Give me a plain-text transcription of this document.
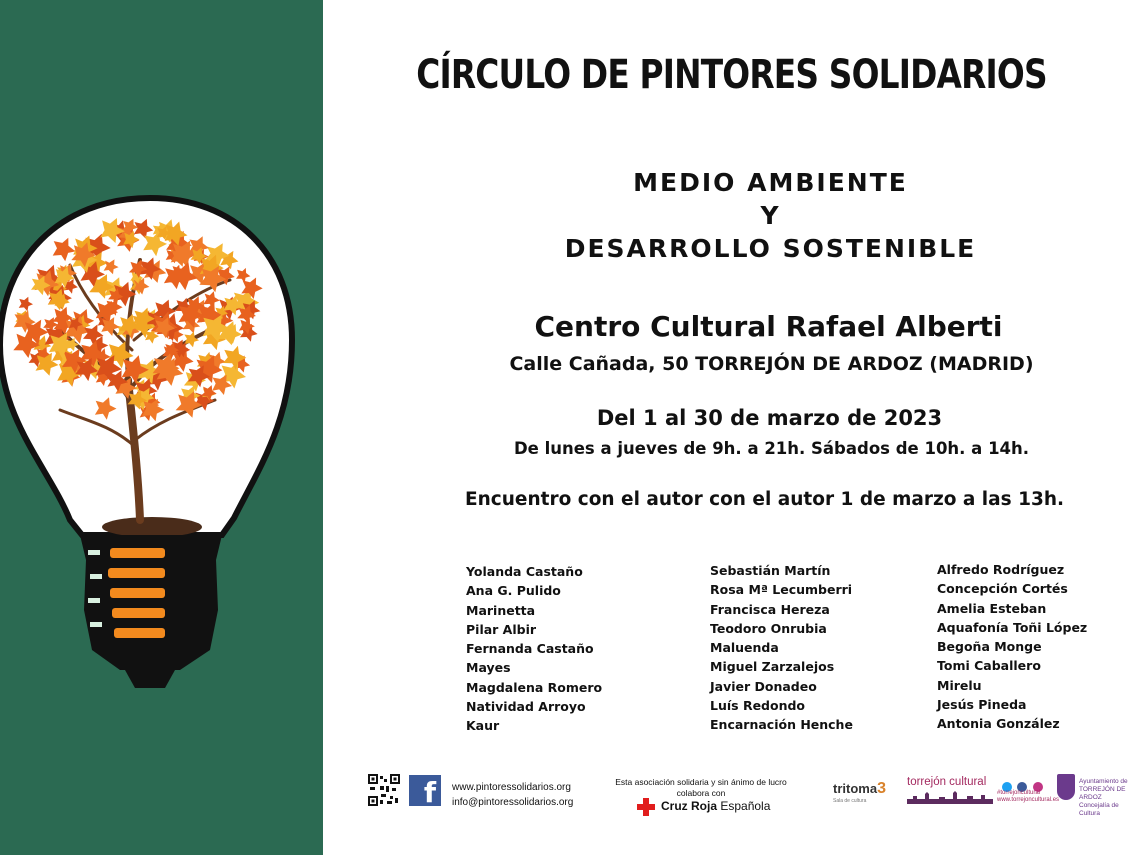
CÍRCULO DE PINTORES SOLIDARIOS
MEDIO AMBIENTE
Y
DESARROLLO SOSTENIBLE
Centro Cultural Rafael Alberti
Calle Cañada, 50 TORREJÓN DE ARDOZ (MADRID)
Del 1 al 30 de marzo de 2023
De lunes a jueves de 9h. a 21h. Sábados de 10h. a 14h.
Encuentro con el autor con el autor 1 de marzo a las 13h.
Yolanda Castaño
Ana G. Pulido
Marinetta
Pilar Albir
Fernanda Castaño
Mayes
Magdalena Romero
Natividad Arroyo
Kaur
Sebastián Martín
Rosa Mª Lecumberri
Francisca Hereza
Teodoro Onrubia
Maluenda
Miguel Zarzalejos
Javier Donadeo
Luís Redondo
Encarnación Henche
Alfredo Rodríguez
Concepción Cortés
Amelia Esteban
Aquafonía Toñi López
Begoña Monge
Tomi Caballero
Mirelu
Jesús Pineda
Antonia González
f	www.pintoressolidarios.org
info@pintoressolidarios.org
Esta asociación solidaria y sin ánimo de lucro
colabora con
Cruz Roja Española
tritoma3
Sala de cultura
torrejón cultural

#torrejoncultural
www.torrejoncultural.es
Ayuntamiento de
TORREJÓN DE ARDOZ
Concejalía de Cultura
